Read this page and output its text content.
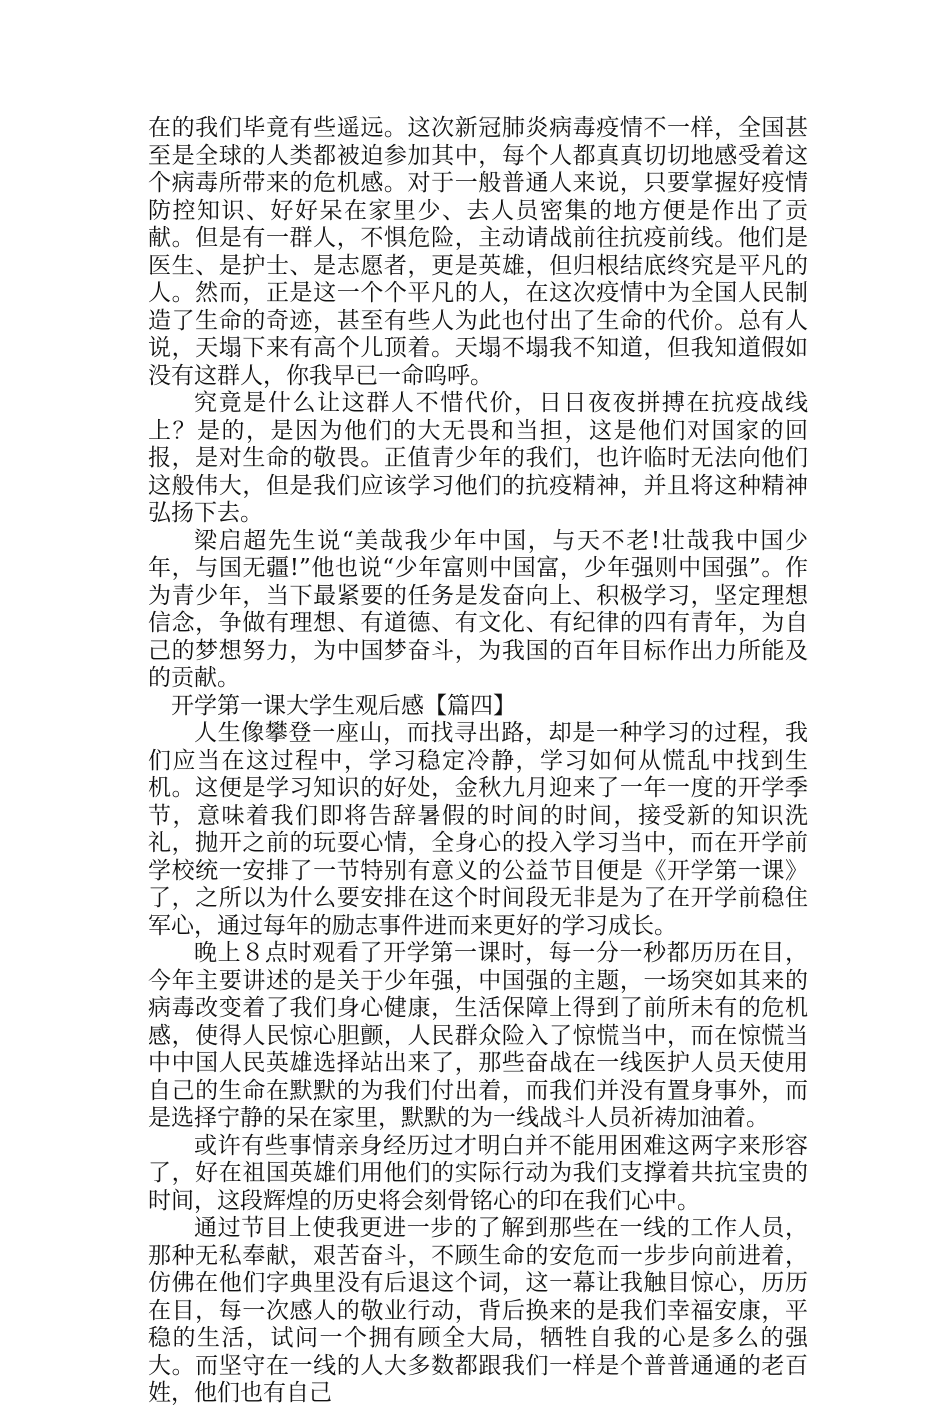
在的我们毕竟有些遥远。这次新冠肺炎病毒疫情不一样，全国甚至是全球的人类都被迫参加其中，每个人都真真切切地感受着这个病毒所带来的危机感。对于一般普通人来说，只要掌握好疫情防控知识、好好呆在家里少、去人员密集的地方便是作出了贡献。但是有一群人，不惧危险，主动请战前往抗疫前线。他们是医生、是护士、是志愿者，更是英雄，但归根结底终究是平凡的人。然而，正是这一个个平凡的人，在这次疫情中为全国人民制造了生命的奇迹，甚至有些人为此也付出了生命的代价。总有人说，天塌下来有高个儿顶着。天塌不塌我不知道，但我知道假如没有这群人，你我早已一命呜呼。

究竟是什么让这群人不惜代价，日日夜夜拼搏在抗疫战线上？是的，是因为他们的大无畏和当担，这是他们对国家的回报，是对生命的敬畏。正值青少年的我们，也许临时无法向他们这般伟大，但是我们应该学习他们的抗疫精神，并且将这种精神弘扬下去。

梁启超先生说“美哉我少年中国，与天不老!壮哉我中国少年，与国无疆!”他也说“少年富则中国富，少年强则中国强”。作为青少年，当下最紧要的任务是发奋向上、积极学习，坚定理想信念，争做有理想、有道德、有文化、有纪律的四有青年，为自己的梦想努力，为中国梦奋斗，为我国的百年目标作出力所能及的贡献。

开学第一课大学生观后感【篇四】

人生像攀登一座山，而找寻出路，却是一种学习的过程，我们应当在这过程中，学习稳定冷静，学习如何从慌乱中找到生机。这便是学习知识的好处，金秋九月迎来了一年一度的开学季节，意味着我们即将告辞暑假的时间的时间，接受新的知识洗礼，抛开之前的玩耍心情，全身心的投入学习当中，而在开学前学校统一安排了一节特别有意义的公益节目便是《开学第一课》了，之所以为什么要安排在这个时间段无非是为了在开学前稳住军心，通过每年的励志事件进而来更好的学习成长。

晚上８点时观看了开学第一课时，每一分一秒都历历在目，今年主要讲述的是关于少年强，中国强的主题，一场突如其来的病毒改变着了我们身心健康，生活保障上得到了前所未有的危机感，使得人民惊心胆颤，人民群众险入了惊慌当中，而在惊慌当中中国人民英雄选择站出来了，那些奋战在一线医护人员天使用自己的生命在默默的为我们付出着，而我们并没有置身事外，而是选择宁静的呆在家里，默默的为一线战斗人员祈祷加油着。

或许有些事情亲身经历过才明白并不能用困难这两字来形容了，好在祖国英雄们用他们的实际行动为我们支撑着共抗宝贵的时间，这段辉煌的历史将会刻骨铭心的印在我们心中。

通过节目上使我更进一步的了解到那些在一线的工作人员，那种无私奉献，艰苦奋斗，不顾生命的安危而一步步向前进着，仿佛在他们字典里没有后退这个词，这一幕让我触目惊心，历历在目，每一次感人的敬业行动，背后换来的是我们幸福安康，平稳的生活，试问一个拥有顾全大局，牺牲自我的心是多么的强大。而坚守在一线的人大多数都跟我们一样是个普普通通的老百姓，他们也有自己
